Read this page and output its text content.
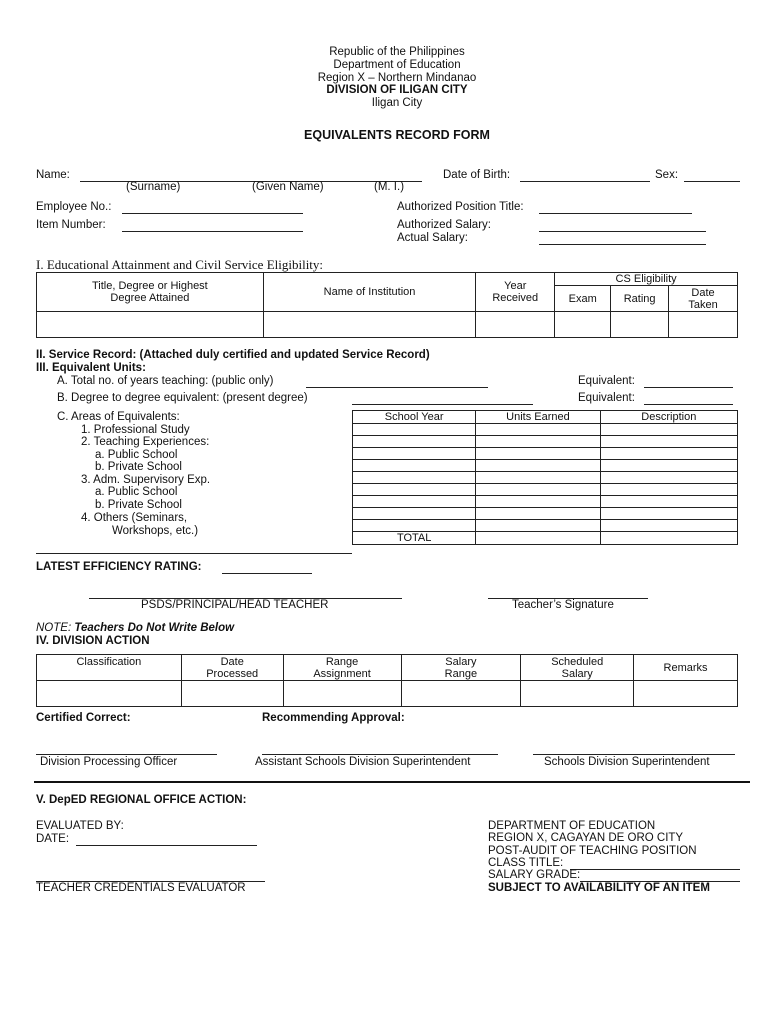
Republic of the Philippines
Department of Education
Region X – Northern Mindanao
DIVISION OF ILIGAN CITY
Iligan City
EQUIVALENTS RECORD FORM
Name:	Date of Birth:	Sex:
(Surname)	(Given Name)	(M. I.)
Employee No.:	Authorized Position Title:
Item Number:	Authorized Salary:
Actual Salary:
I. Educational Attainment and Civil Service Eligibility:
Title, Degree or Highest Degree Attained	Name of Institution	Year Received	CS Eligibility		
			Exam	Rating	Date Taken

II. Service Record: (Attached duly certified and updated Service Record)
III. Equivalent Units:
A. Total no. of years teaching: (public only)	Equivalent:
B. Degree to degree equivalent: (present degree)	Equivalent:
C. Areas of Equivalents:
1. Professional Study
2. Teaching Experiences:
a. Public School
b. Private School
3. Adm. Supervisory Exp.
a. Public School
b. Private School
4. Others (Seminars,
Workshops, etc.)
School Year	Units Earned	Description

TOTAL		
LATEST EFFICIENCY RATING:
PSDS/PRINCIPAL/HEAD TEACHER	Teacher’s Signature
NOTE: Teachers Do Not Write Below
IV. DIVISION ACTION
Classification	Date Processed	Range Assignment	Salary Range	Scheduled Salary	Remarks

Certified Correct:	Recommending Approval:
Division Processing Officer	Assistant Schools Division Superintendent	Schools Division Superintendent
V. DepED REGIONAL OFFICE ACTION:
EVALUATED BY:
DATE:
TEACHER CREDENTIALS EVALUATOR
DEPARTMENT OF EDUCATION
REGION X, CAGAYAN DE ORO CITY
POST-AUDIT OF TEACHING POSITION
CLASS TITLE:
SALARY GRADE:
SUBJECT TO AVAILABILITY OF AN ITEM
